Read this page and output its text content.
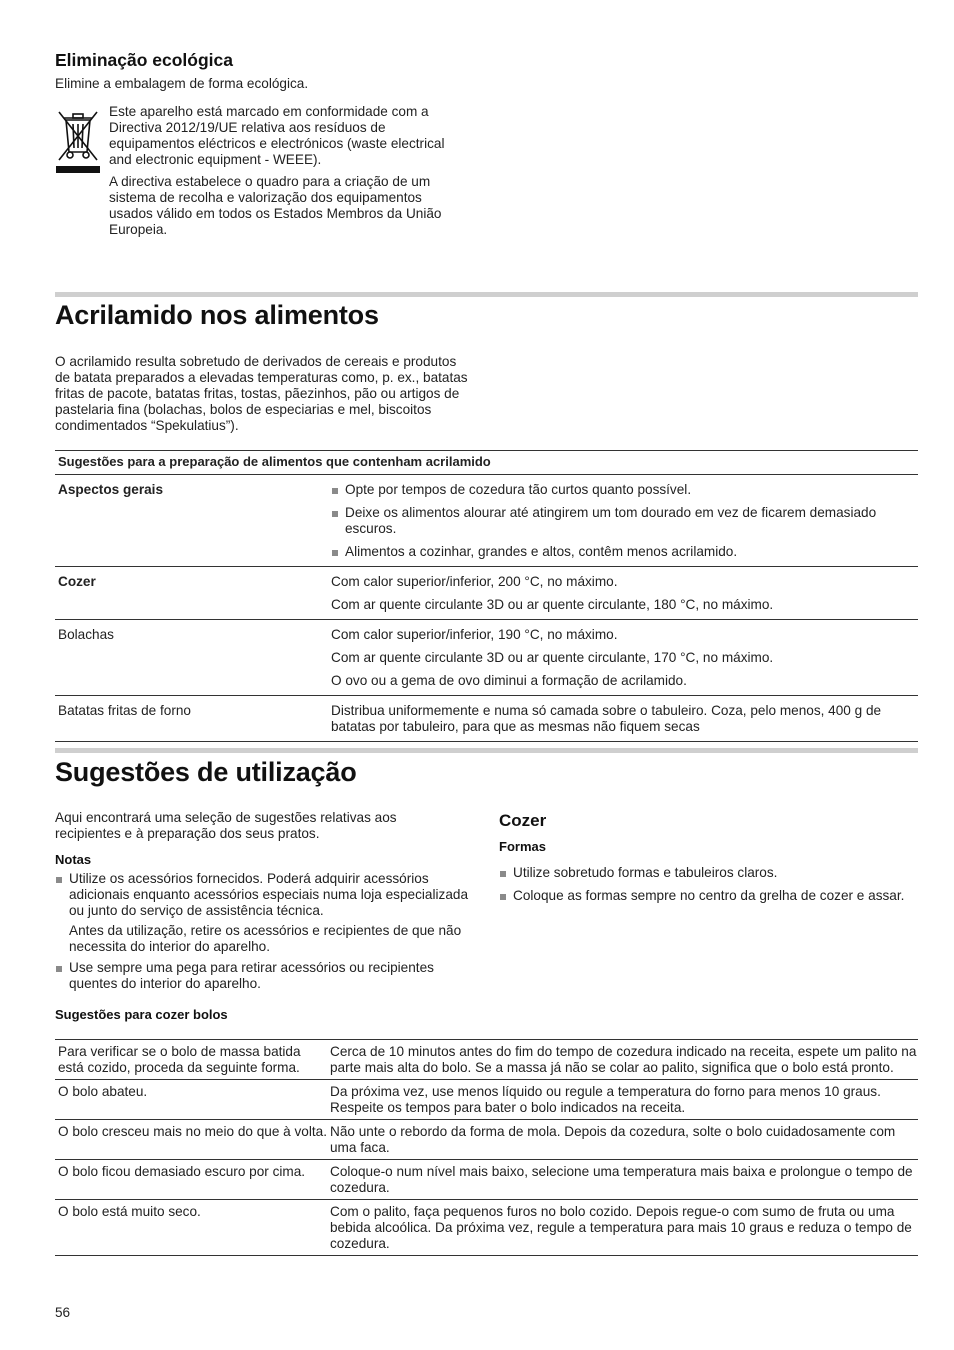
Eliminação ecológica

Elimine a embalagem de forma ecológica.

Este aparelho está marcado em conformidade com a Directiva 2012/19/UE relativa aos resíduos de equipamentos eléctricos e electrónicos (waste electrical and electronic equipment - WEEE).

A directiva estabelece o quadro para a criação de um sistema de recolha e valorização dos equipamentos usados válido em todos os Estados Membros da União Europeia.

Acrilamido nos alimentos

O acrilamido resulta sobretudo de derivados de cereais e produtos de batata preparados a elevadas temperaturas como, p. ex., batatas fritas de pacote, batatas fritas, tostas, pãezinhos, pão ou artigos de pastelaria fina (bolachas, bolos de especiarias e mel, biscoitos condimentados “Spekulatius”).

Sugestões para a preparação de alimentos que contenham acrilamido
Aspectos gerais	Opte por tempos de cozedura tão curtos quanto possível.
Deixe os alimentos alourar até atingirem um tom dourado em vez de ficarem demasiado escuros.
Alimentos a cozinhar, grandes e altos, contêm menos acrilamido.

Cozer	Com calor superior/inferior, 200 °C, no máximo.
Com ar quente circulante 3D ou ar quente circulante, 180 °C, no máximo.

Bolachas	Com calor superior/inferior, 190 °C, no máximo.
Com ar quente circulante 3D ou ar quente circulante, 170 °C, no máximo.
O ovo ou a gema de ovo diminui a formação de acrilamido.

Batatas fritas de forno	Distribua uniformemente e numa só camada sobre o tabuleiro. Coza, pelo menos, 400 g de batatas por tabuleiro, para que as mesmas não fiquem secas
Sugestões de utilização

Aqui encontrará uma seleção de sugestões relativas aos recipientes e à preparação dos seus pratos.

Notas
Utilize os acessórios fornecidos. Poderá adquirir acessórios adicionais enquanto acessórios especiais numa loja especializada ou junto do serviço de assistência técnica.

Antes da utilização, retire os acessórios e recipientes de que não necessita do interior do aparelho.

Use sempre uma pega para retirar acessórios ou recipientes quentes do interior do aparelho.
Cozer
Formas
Utilize sobretudo formas e tabuleiros claros.
Coloque as formas sempre no centro da grelha de cozer e assar.
Sugestões para cozer bolos
Para verificar se o bolo de massa batida está cozido, proceda da seguinte forma.	Cerca de 10 minutos antes do fim do tempo de cozedura indicado na receita, espete um palito na parte mais alta do bolo. Se a massa já não se colar ao palito, significa que o bolo está pronto.
O bolo abateu.	Da próxima vez, use menos líquido ou regule a temperatura do forno para menos 10 graus. Respeite os tempos para bater o bolo indicados na receita.
O bolo cresceu mais no meio do que à volta.	Não unte o rebordo da forma de mola. Depois da cozedura, solte o bolo cuidadosamente com uma faca.
O bolo ficou demasiado escuro por cima.	Coloque-o num nível mais baixo, selecione uma temperatura mais baixa e prolongue o tempo de cozedura.
O bolo está muito seco.	Com o palito, faça pequenos furos no bolo cozido. Depois regue-o com sumo de fruta ou uma bebida alcoólica. Da próxima vez, regule a temperatura para mais 10 graus e reduza o tempo de cozedura.
56
